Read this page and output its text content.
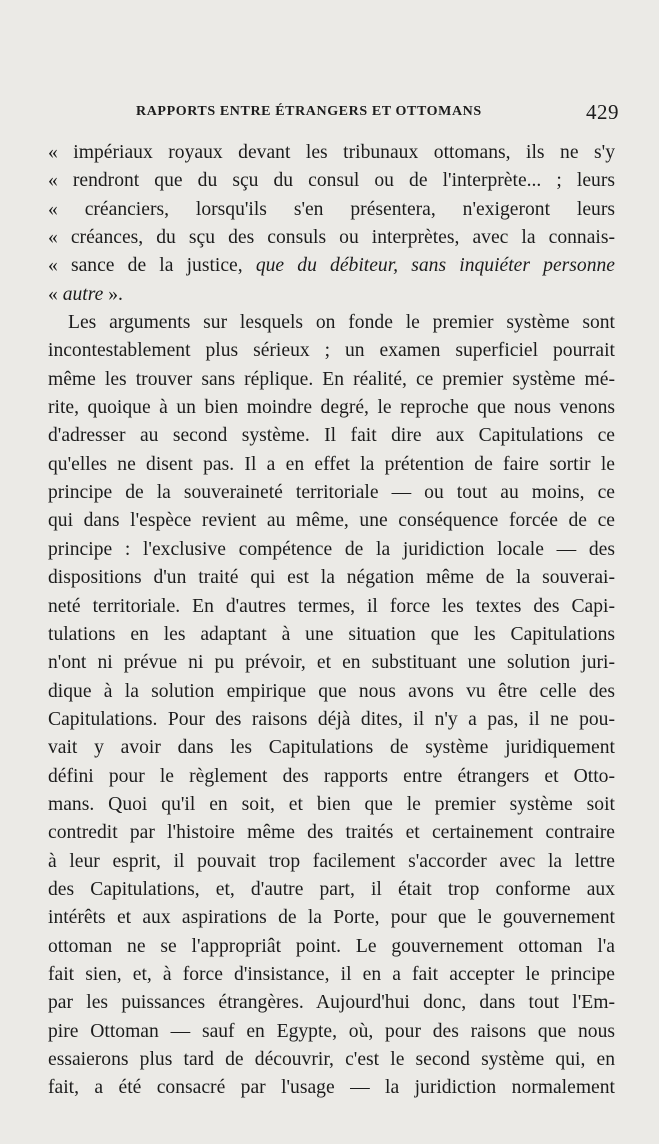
RAPPORTS ENTRE ÉTRANGERS ET OTTOMANS	429
« impériaux royaux devant les tribunaux ottomans, ils ne s'y
« rendront que du sçu du consul ou de l'interprète... ; leurs
« créanciers, lorsqu'ils s'en présentera, n'exigeront leurs
« créances, du sçu des consuls ou interprètes, avec la connais-
« sance de la justice, que du débiteur, sans inquiéter personne
« autre ».
Les arguments sur lesquels on fonde le premier système sont
incontestablement plus sérieux ; un examen superficiel pourrait
même les trouver sans réplique. En réalité, ce premier système mé-
rite, quoique à un bien moindre degré, le reproche que nous venons
d'adresser au second système. Il fait dire aux Capitulations ce
qu'elles ne disent pas. Il a en effet la prétention de faire sortir le
principe de la souveraineté territoriale — ou tout au moins, ce
qui dans l'espèce revient au même, une conséquence forcée de ce
principe : l'exclusive compétence de la juridiction locale — des
dispositions d'un traité qui est la négation même de la souverai-
neté territoriale. En d'autres termes, il force les textes des Capi-
tulations en les adaptant à une situation que les Capitulations
n'ont ni prévue ni pu prévoir, et en substituant une solution juri-
dique à la solution empirique que nous avons vu être celle des
Capitulations. Pour des raisons déjà dites, il n'y a pas, il ne pou-
vait y avoir dans les Capitulations de système juridiquement
défini pour le règlement des rapports entre étrangers et Otto-
mans. Quoi qu'il en soit, et bien que le premier système soit
contredit par l'histoire même des traités et certainement contraire
à leur esprit, il pouvait trop facilement s'accorder avec la lettre
des Capitulations, et, d'autre part, il était trop conforme aux
intérêts et aux aspirations de la Porte, pour que le gouvernement
ottoman ne se l'appropriât point. Le gouvernement ottoman l'a
fait sien, et, à force d'insistance, il en a fait accepter le principe
par les puissances étrangères. Aujourd'hui donc, dans tout l'Em-
pire Ottoman — sauf en Egypte, où, pour des raisons que nous
essaierons plus tard de découvrir, c'est le second système qui, en
fait, a été consacré par l'usage — la juridiction normalement
